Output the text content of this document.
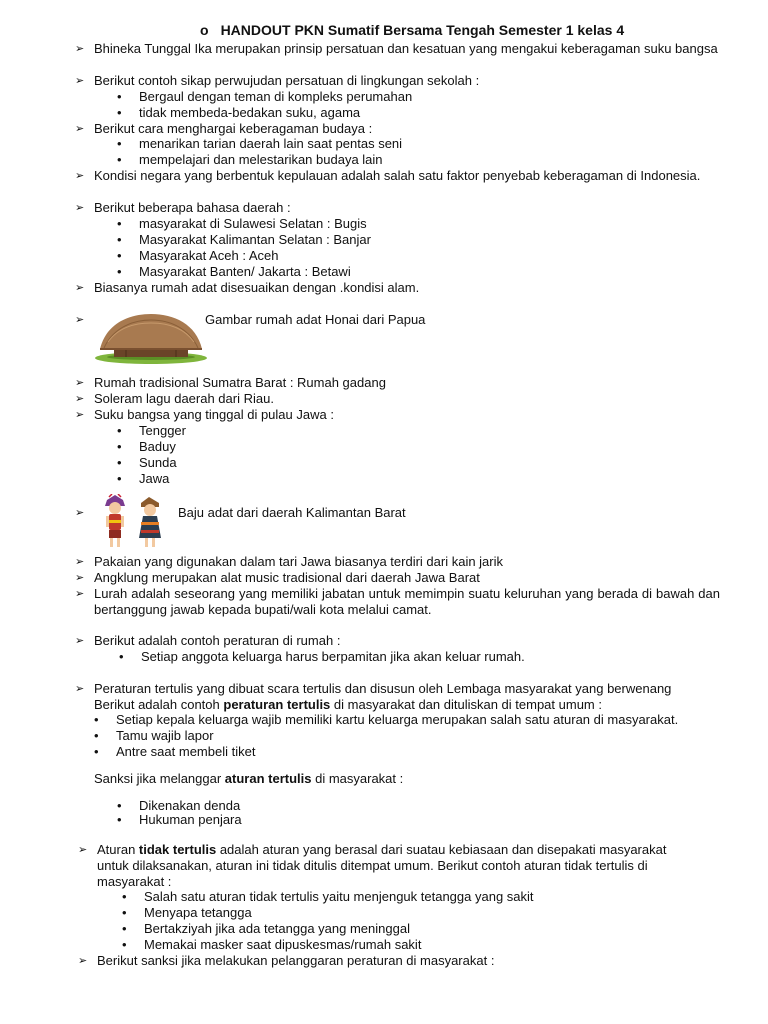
o HANDOUT PKN Sumatif Bersama Tengah Semester 1 kelas 4
➢ Bhineka Tunggal Ika merupakan prinsip persatuan dan kesatuan yang mengakui keberagaman suku bangsa
➢ Berikut contoh sikap perwujudan persatuan di lingkungan sekolah :
• Bergaul dengan teman di kompleks perumahan
• tidak membeda-bedakan suku, agama
➢ Berikut cara menghargai keberagaman budaya :
• menarikan tarian daerah lain saat pentas seni
• mempelajari dan melestarikan budaya lain
➢ Kondisi negara yang berbentuk kepulauan adalah salah satu faktor penyebab keberagaman di Indonesia.
➢ Berikut beberapa bahasa daerah :
• masyarakat di Sulawesi Selatan : Bugis
• Masyarakat Kalimantan Selatan : Banjar
• Masyarakat Aceh : Aceh
• Masyarakat Banten/ Jakarta : Betawi
➢ Biasanya rumah adat disesuaikan dengan .kondisi alam.
➢	Gambar rumah adat Honai dari Papua
➢ Rumah tradisional Sumatra Barat : Rumah gadang
➢ Soleram lagu daerah dari Riau.
➢ Suku bangsa yang tinggal di pulau Jawa :
• Tengger
• Baduy
• Sunda
• Jawa
➢	Baju adat dari daerah Kalimantan Barat
➢ Pakaian yang digunakan dalam tari Jawa biasanya terdiri dari kain jarik
➢ Angklung merupakan alat music tradisional dari daerah Jawa Barat
➢ Lurah adalah seseorang yang memiliki jabatan untuk memimpin suatu keluruhan yang berada di bawah dan bertanggung jawab kepada bupati/wali kota melalui camat.
➢ Berikut adalah contoh peraturan di rumah :
• Setiap anggota keluarga harus berpamitan jika akan keluar rumah.
➢ Peraturan tertulis yang dibuat scara tertulis dan disusun oleh Lembaga masyarakat yang berwenang
Berikut adalah contoh peraturan tertulis di masyarakat dan dituliskan di tempat umum :
• Setiap kepala keluarga wajib memiliki kartu keluarga merupakan salah satu aturan di masyarakat.
• Tamu wajib lapor
• Antre saat membeli tiket
Sanksi jika melanggar aturan tertulis di masyarakat :
• Dikenakan denda
• Hukuman penjara
➢ Aturan tidak tertulis adalah aturan yang berasal dari suatau kebiasaan dan disepakati masyarakat
untuk dilaksanakan, aturan ini tidak ditulis ditempat umum. Berikut contoh aturan tidak tertulis di
masyarakat :
• Salah satu aturan tidak tertulis yaitu menjenguk tetangga yang sakit
• Menyapa tetangga
• Bertakziyah jika ada tetangga yang meninggal
• Memakai masker saat dipuskesmas/rumah sakit
➢ Berikut sanksi jika melakukan pelanggaran peraturan di masyarakat :
